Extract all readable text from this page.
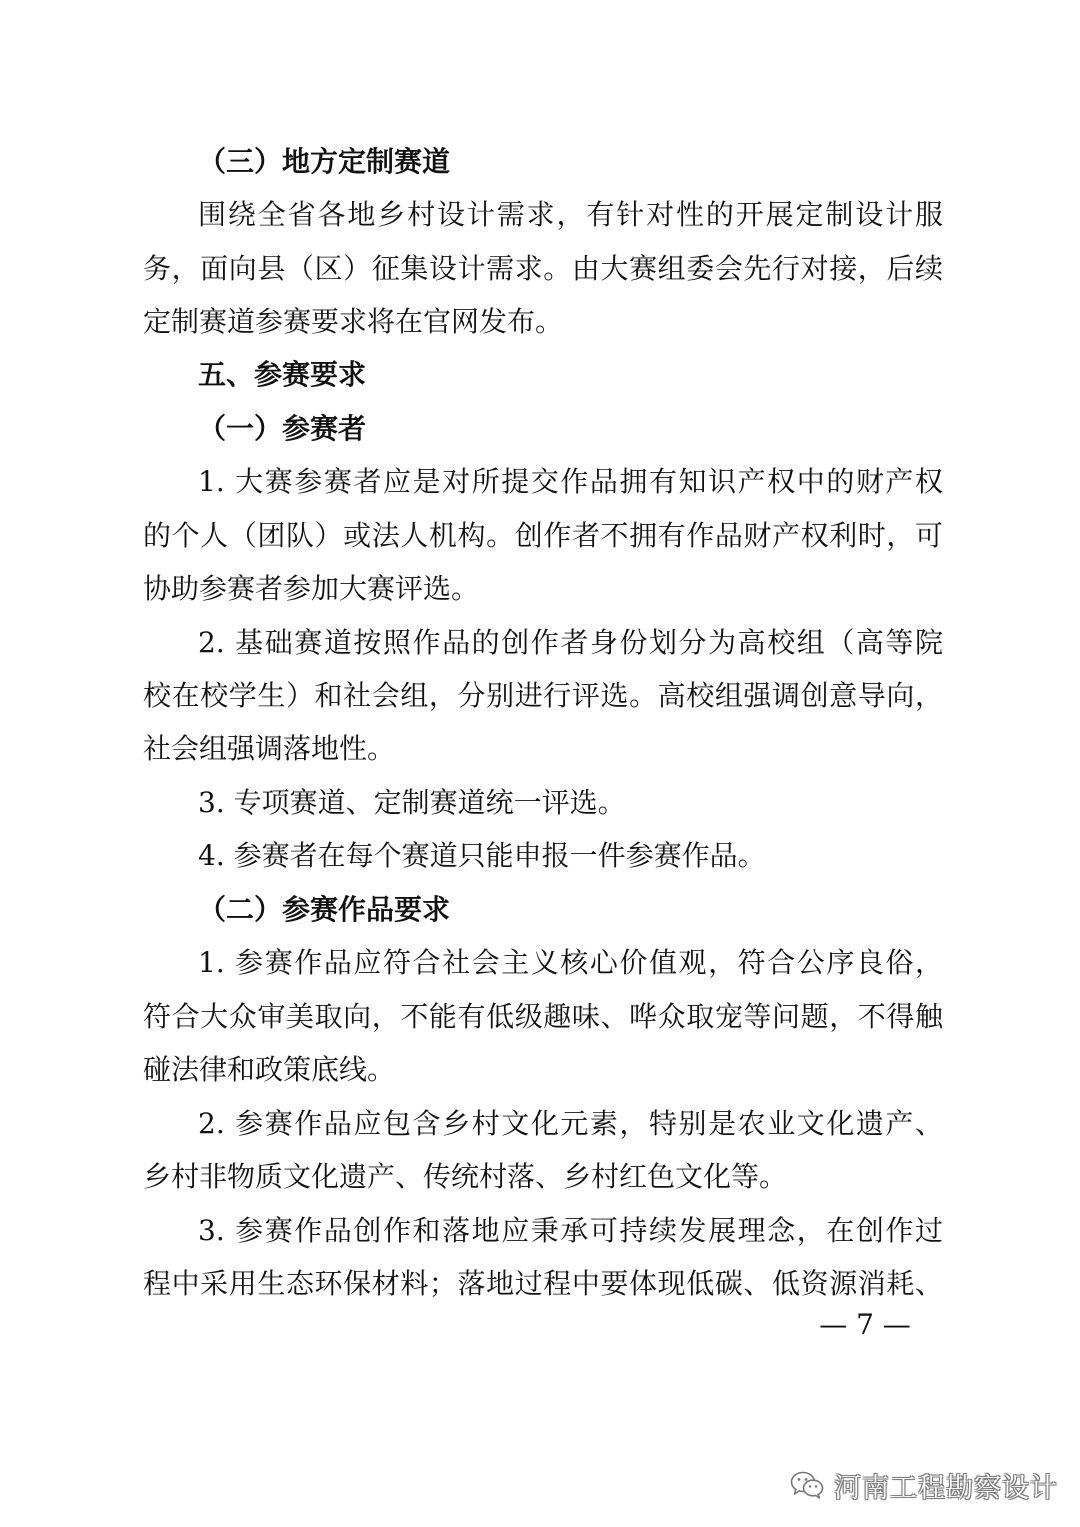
（三）地方定制赛道
围绕全省各地乡村设计需求，有针对性的开展定制设计服
务，面向县（区）征集设计需求。由大赛组委会先行对接，后续
定制赛道参赛要求将在官网发布。
五、参赛要求
（一）参赛者
1. 大赛参赛者应是对所提交作品拥有知识产权中的财产权
的个人（团队）或法人机构。创作者不拥有作品财产权利时，可
协助参赛者参加大赛评选。
2. 基础赛道按照作品的创作者身份划分为高校组（高等院
校在校学生）和社会组，分别进行评选。高校组强调创意导向，
社会组强调落地性。
3. 专项赛道、定制赛道统一评选。
4. 参赛者在每个赛道只能申报一件参赛作品。
（二）参赛作品要求
1. 参赛作品应符合社会主义核心价值观，符合公序良俗，
符合大众审美取向，不能有低级趣味、哗众取宠等问题，不得触
碰法律和政策底线。
2. 参赛作品应包含乡村文化元素，特别是农业文化遗产、
乡村非物质文化遗产、传统村落、乡村红色文化等。
3. 参赛作品创作和落地应秉承可持续发展理念，在创作过
程中采用生态环保材料；落地过程中要体现低碳、低资源消耗、
— 7 —
河南工程勘察设计
